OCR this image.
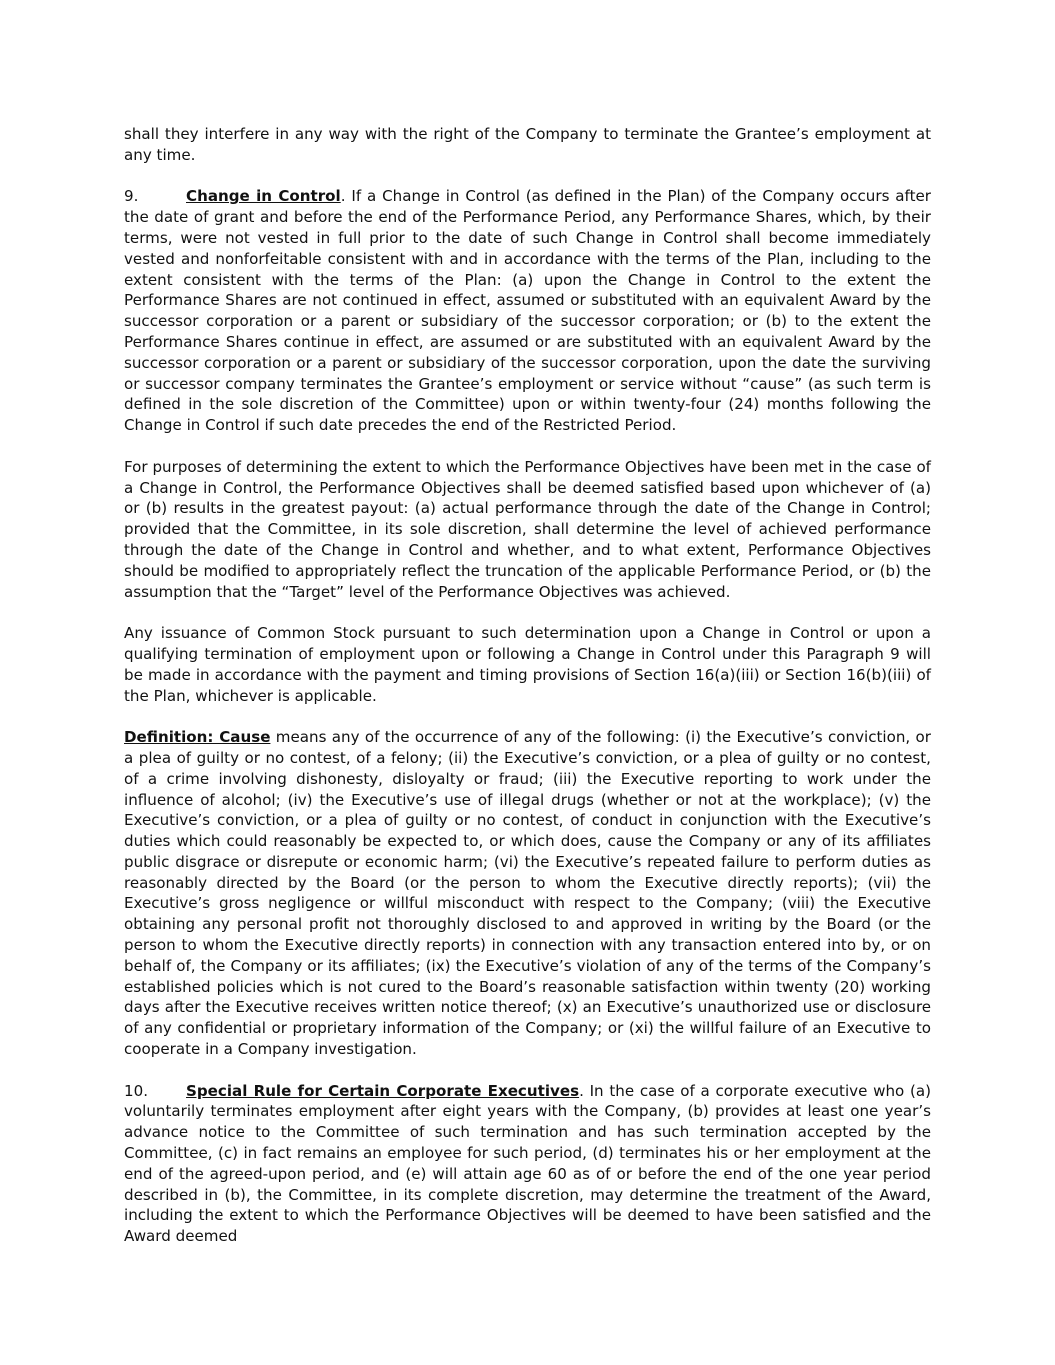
shall they interfere in any way with the right of the Company to terminate the Grantee’s employment at any time.

9.	Change in Control. If a Change in Control (as defined in the Plan) of the Company occurs after the date of grant and before the end of the Performance Period, any Performance Shares, which, by their terms, were not vested in full prior to the date of such Change in Control shall become immediately vested and nonforfeitable consistent with and in accordance with the terms of the Plan, including to the extent consistent with the terms of the Plan: (a) upon the Change in Control to the extent the Performance Shares are not continued in effect, assumed or substituted with an equivalent Award by the successor corporation or a parent or subsidiary of the successor corporation; or (b) to the extent the Performance Shares continue in effect, are assumed or are substituted with an equivalent Award by the successor corporation or a parent or subsidiary of the successor corporation, upon the date the surviving or successor company terminates the Grantee’s employment or service without “cause” (as such term is defined in the sole discretion of the Committee) upon or within twenty-four (24) months following the Change in Control if such date precedes the end of the Restricted Period.

For purposes of determining the extent to which the Performance Objectives have been met in the case of a Change in Control, the Performance Objectives shall be deemed satisfied based upon whichever of (a) or (b) results in the greatest payout: (a) actual performance through the date of the Change in Control; provided that the Committee, in its sole discretion, shall determine the level of achieved performance through the date of the Change in Control and whether, and to what extent, Performance Objectives should be modified to appropriately reflect the truncation of the applicable Performance Period, or (b) the assumption that the “Target” level of the Performance Objectives was achieved.

Any issuance of Common Stock pursuant to such determination upon a Change in Control or upon a qualifying termination of employment upon or following a Change in Control under this Paragraph 9 will be made in accordance with the payment and timing provisions of Section 16(a)(iii) or Section 16(b)(iii) of the Plan, whichever is applicable.

Definition: Cause means any of the occurrence of any of the following: (i) the Executive’s conviction, or a plea of guilty or no contest, of a felony; (ii) the Executive’s conviction, or a plea of guilty or no contest, of a crime involving dishonesty, disloyalty or fraud; (iii) the Executive reporting to work under the influence of alcohol; (iv) the Executive’s use of illegal drugs (whether or not at the workplace); (v) the Executive’s conviction, or a plea of guilty or no contest, of conduct in conjunction with the Executive’s duties which could reasonably be expected to, or which does, cause the Company or any of its affiliates public disgrace or disrepute or economic harm; (vi) the Executive’s repeated failure to perform duties as reasonably directed by the Board (or the person to whom the Executive directly reports); (vii) the Executive’s gross negligence or willful misconduct with respect to the Company; (viii) the Executive obtaining any personal profit not thoroughly disclosed to and approved in writing by the Board (or the person to whom the Executive directly reports) in connection with any transaction entered into by, or on behalf of, the Company or its affiliates; (ix) the Executive’s violation of any of the terms of the Company’s established policies which is not cured to the Board’s reasonable satisfaction within twenty (20) working days after the Executive receives written notice thereof; (x) an Executive’s unauthorized use or disclosure of any confidential or proprietary information of the Company; or (xi) the willful failure of an Executive to cooperate in a Company investigation.

10.	Special Rule for Certain Corporate Executives. In the case of a corporate executive who (a) voluntarily terminates employment after eight years with the Company, (b) provides at least one year’s advance notice to the Committee of such termination and has such termination accepted by the Committee, (c) in fact remains an employee for such period, (d) terminates his or her employment at the end of the agreed-upon period, and (e) will attain age 60 as of or before the end of the one year period described in (b), the Committee, in its complete discretion, may determine the treatment of the Award, including the extent to which the Performance Objectives will be deemed to have been satisfied and the Award deemed
